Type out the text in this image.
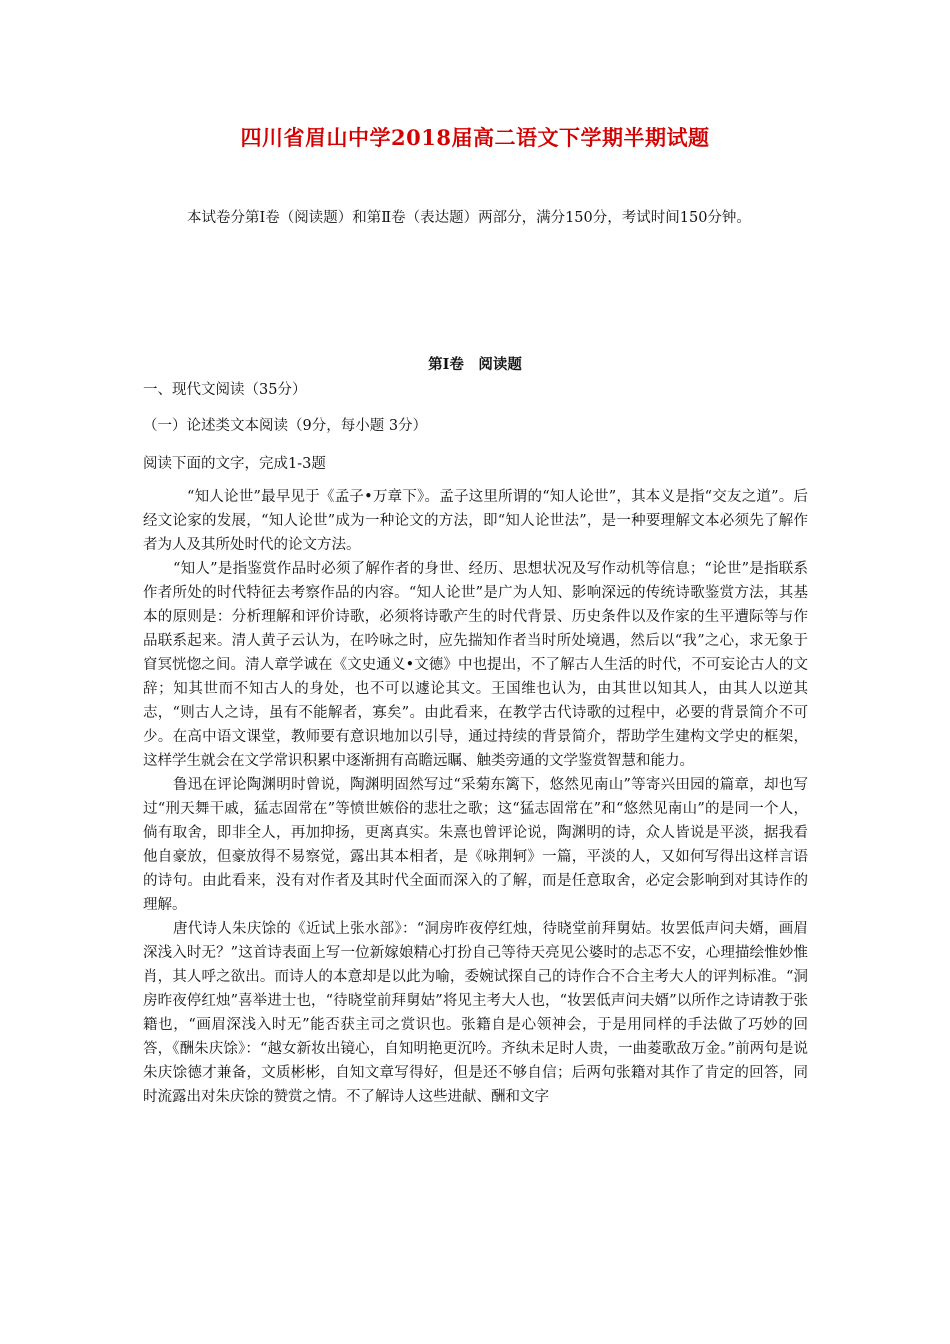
四川省眉山中学2018届高二语文下学期半期试题

本试卷分第Ⅰ卷（阅读题）和第Ⅱ卷（表达题）两部分，满分150分，考试时间150分钟。

第Ⅰ卷　阅读题

一、现代文阅读（35分）

（一）论述类文本阅读（9分，每小题 3分）

阅读下面的文字，完成1-3题

“知人论世”最早见于《孟子•万章下》。孟子这里所谓的“知人论世”，其本义是指“交友之道”。后经文论家的发展，“知人论世”成为一种论文的方法，即“知人论世法”，是一种要理解文本必须先了解作者为人及其所处时代的论文方法。

“知人”是指鉴赏作品时必须了解作者的身世、经历、思想状况及写作动机等信息；“论世”是指联系作者所处的时代特征去考察作品的内容。“知人论世”是广为人知、影响深远的传统诗歌鉴赏方法，其基本的原则是：分析理解和评价诗歌，必须将诗歌产生的时代背景、历史条件以及作家的生平遭际等与作品联系起来。清人黄子云认为，在吟咏之时，应先揣知作者当时所处境遇，然后以“我”之心，求无象于窅冥恍惚之间。清人章学诚在《文史通义•文德》中也提出，不了解古人生活的时代，不可妄论古人的文辞；知其世而不知古人的身处，也不可以遽论其文。王国维也认为，由其世以知其人，由其人以逆其志，“则古人之诗，虽有不能解者，寡矣”。由此看来，在教学古代诗歌的过程中，必要的背景简介不可少。在高中语文课堂，教师要有意识地加以引导，通过持续的背景简介，帮助学生建构文学史的框架，这样学生就会在文学常识积累中逐渐拥有高瞻远瞩、触类旁通的文学鉴赏智慧和能力。

鲁迅在评论陶渊明时曾说，陶渊明固然写过“采菊东篱下，悠然见南山”等寄兴田园的篇章，却也写过“刑天舞干戚，猛志固常在”等愤世嫉俗的悲壮之歌；这“猛志固常在”和“悠然见南山”的是同一个人，倘有取舍，即非全人，再加抑扬，更离真实。朱熹也曾评论说，陶渊明的诗，众人皆说是平淡，据我看他自豪放，但豪放得不易察觉，露出其本相者，是《咏荆轲》一篇，平淡的人，又如何写得出这样言语的诗句。由此看来，没有对作者及其时代全面而深入的了解，而是任意取舍，必定会影响到对其诗作的理解。

唐代诗人朱庆馀的《近试上张水部》：“洞房昨夜停红烛，待晓堂前拜舅姑。妆罢低声问夫婿，画眉深浅入时无？”这首诗表面上写一位新嫁娘精心打扮自己等待天亮见公婆时的忐忑不安，心理描绘惟妙惟肖，其人呼之欲出。而诗人的本意却是以此为喻，委婉试探自己的诗作合不合主考大人的评判标准。“洞房昨夜停红烛”喜举进士也，“待晓堂前拜舅姑”将见主考大人也，“妆罢低声问夫婿”以所作之诗请教于张籍也，“画眉深浅入时无”能否获主司之赏识也。张籍自是心领神会，于是用同样的手法做了巧妙的回答，《酬朱庆馀》：“越女新妆出镜心，自知明艳更沉吟。齐纨未足时人贵，一曲菱歌敌万金。”前两句是说朱庆馀德才兼备，文质彬彬，自知文章写得好，但是还不够自信；后两句张籍对其作了肯定的回答，同时流露出对朱庆馀的赞赏之情。不了解诗人这些进献、酬和文字
